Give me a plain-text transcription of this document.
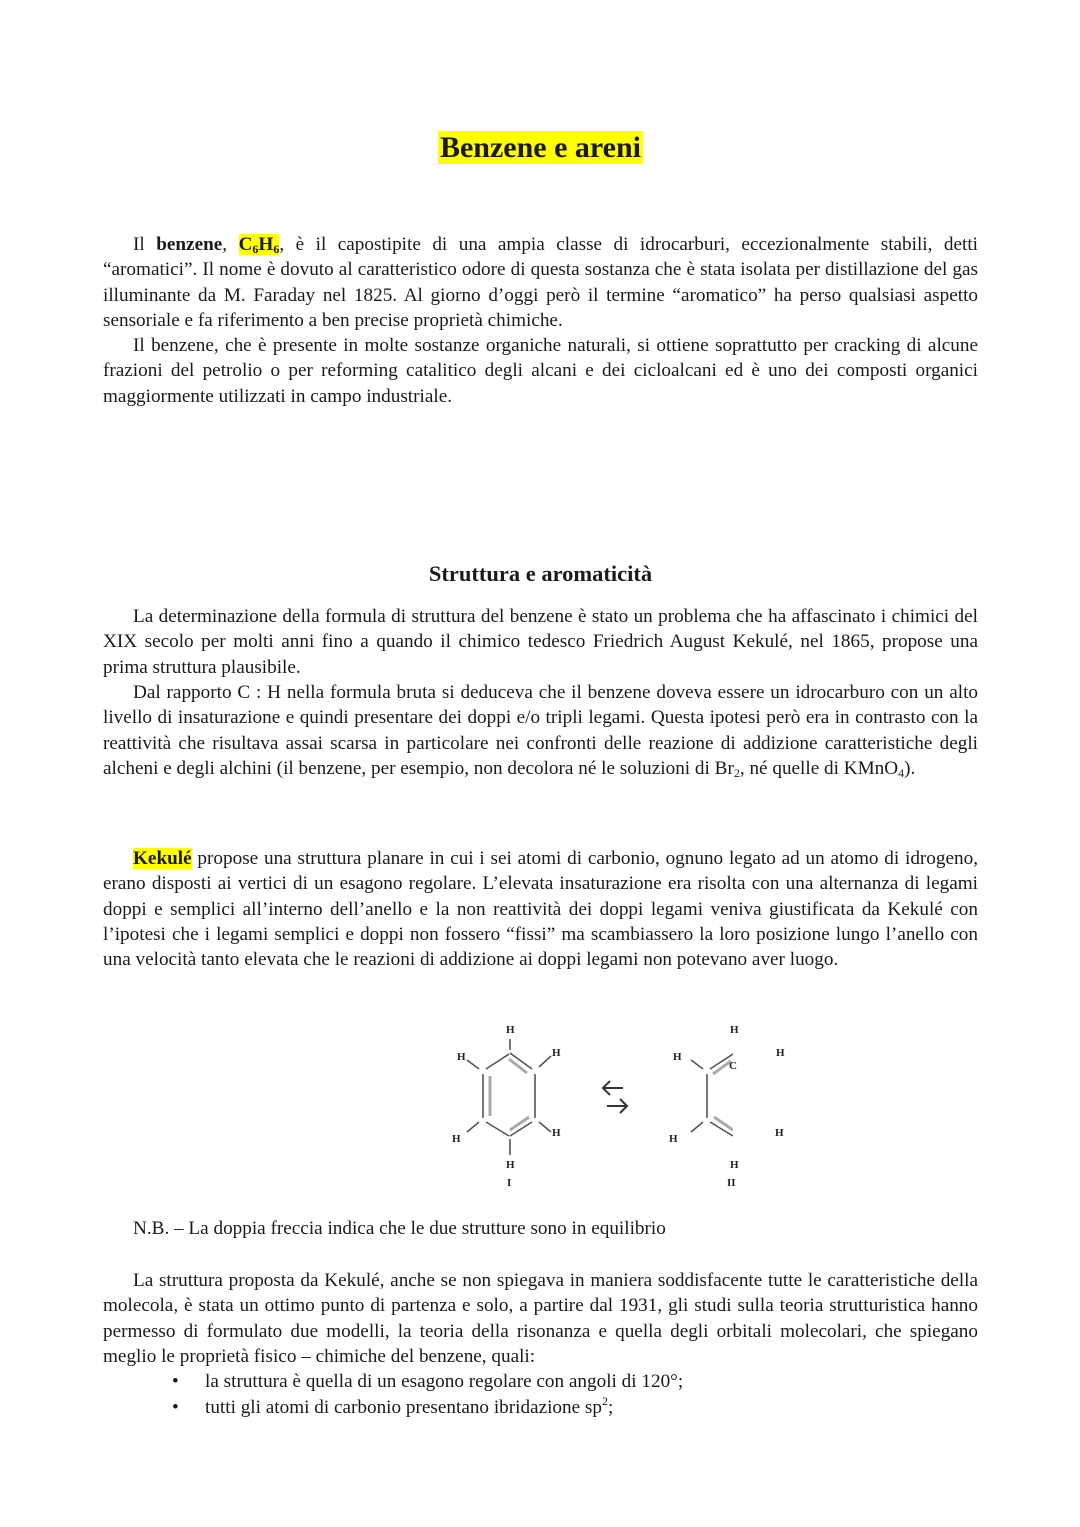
Benzene e areni

Il benzene, $C_6H_6$, è il capostipite di una ampia classe di idrocarburi, eccezionalmente stabili, detti “aromatici”. Il nome è dovuto al caratteristico odore di questa sostanza che è stata isolata per distillazione del gas illuminante da M. Faraday nel 1825. Al giorno d’oggi però il termine “aromatico” ha perso qualsiasi aspetto sensoriale e fa riferimento a ben precise proprietà chimiche.

Il benzene, che è presente in molte sostanze organiche naturali, si ottiene soprattutto per cracking di alcune frazioni del petrolio o per reforming catalitico degli alcani e dei cicloalcani ed è uno dei composti organici maggiormente utilizzati in campo industriale.

Struttura e aromaticità

La determinazione della formula di struttura del benzene è stato un problema che ha affascinato i chimici del XIX secolo per molti anni fino a quando il chimico tedesco Friedrich August Kekulé, nel 1865, propose una prima struttura plausibile.

Dal rapporto C : H nella formula bruta si deduceva che il benzene doveva essere un idrocarburo con un alto livello di insaturazione e quindi presentare dei doppi e/o tripli legami. Questa ipotesi però era in contrasto con la reattività che risultava assai scarsa in particolare nei confronti delle reazione di addizione caratteristiche degli alcheni e degli alchini (il benzene, per esempio, non decolora né le soluzioni di $Br_2$, né quelle di KMnO$_4$).

Kekulé propose una struttura planare in cui i sei atomi di carbonio, ognuno legato ad un atomo di idrogeno, erano disposti ai vertici di un esagono regolare. L’elevata insaturazione era risolta con una alternanza di legami doppi e semplici all’interno dell’anello e la non reattività dei doppi legami veniva giustificata da Kekulé con l’ipotesi che i legami semplici e doppi non fossero “fissi” ma scambiassero la loro posizione lungo l’anello con una velocità tanto elevata che le reazioni di addizione ai doppi legami non potevano aver luogo.

H
H
H
H	H
H
I
H
C
H
H
H	H
H
II
N.B. – La doppia freccia indica che le due strutture sono in equilibrio

La struttura proposta da Kekulé, anche se non spiegava in maniera soddisfacente tutte le caratteristiche della molecola, è stata un ottimo punto di partenza e solo, a partire dal 1931, gli studi sulla teoria strutturistica hanno permesso di formulato due modelli, la teoria della risonanza e quella degli orbitali molecolari, che spiegano meglio le proprietà fisico – chimiche del benzene, quali:

• la struttura è quella di un esagono regolare con angoli di 120°;
• tutti gli atomi di carbonio presentano ibridazione $sp^2$;
